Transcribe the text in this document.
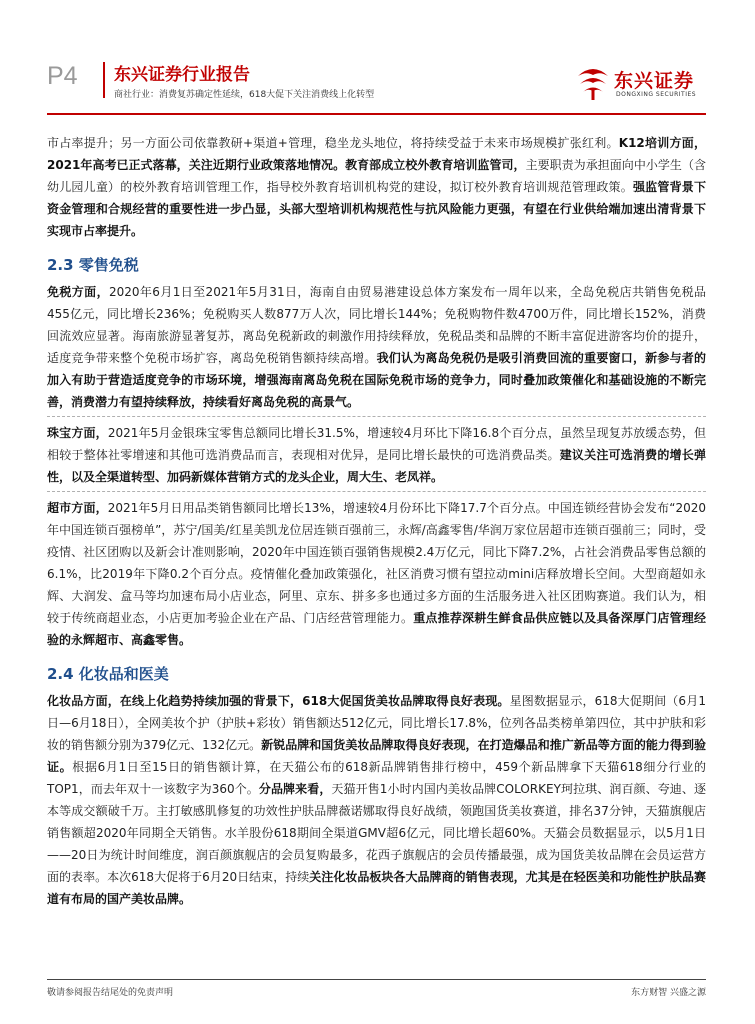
P4 东兴证券行业报告
商社行业：消费复苏确定性延续，618大促下关注消费线上化转型
东兴证券
DONGXING SECURITIES

市占率提升；另一方面公司依靠教研+渠道+管理，稳坐龙头地位，将持续受益于未来市场规模扩张红利。K12培训方面，2021年高考已正式落幕，关注近期行业政策落地情况。教育部成立校外教育培训监管司，主要职责为承担面向中小学生（含幼儿园儿童）的校外教育培训管理工作，指导校外教育培训机构党的建设，拟订校外教育培训规范管理政策。强监管背景下资金管理和合规经营的重要性进一步凸显，头部大型培训机构规范性与抗风险能力更强，有望在行业供给端加速出清背景下实现市占率提升。

2.3 零售免税

免税方面，2020年6月1日至2021年5月31日，海南自由贸易港建设总体方案发布一周年以来，全岛免税店共销售免税品455亿元，同比增长236%；免税购买人数877万人次，同比增长144%；免税购物件数4700万件，同比增长152%，消费回流效应显著。海南旅游显著复苏，离岛免税新政的刺激作用持续释放，免税品类和品牌的不断丰富促进游客均价的提升，适度竞争带来整个免税市场扩容，离岛免税销售额持续高增。我们认为离岛免税仍是吸引消费回流的重要窗口，新参与者的加入有助于营造适度竞争的市场环境，增强海南离岛免税在国际免税市场的竞争力，同时叠加政策催化和基础设施的不断完善，消费潜力有望持续释放，持续看好离岛免税的高景气。

珠宝方面，2021年5月金银珠宝零售总额同比增长31.5%，增速较4月环比下降16.8个百分点，虽然呈现复苏放缓态势，但相较于整体社零增速和其他可选消费品而言，表现相对优异，是同比增长最快的可选消费品类。建议关注可选消费的增长弹性，以及全渠道转型、加码新媒体营销方式的龙头企业，周大生、老凤祥。

超市方面，2021年5月日用品类销售额同比增长13%，增速较4月份环比下降17.7个百分点。中国连锁经营协会发布“2020年中国连锁百强榜单”，苏宁/国美/红星美凯龙位居连锁百强前三，永辉/高鑫零售/华润万家位居超市连锁百强前三；同时，受疫情、社区团购以及新会计准则影响，2020年中国连锁百强销售规模2.4万亿元，同比下降7.2%，占社会消费品零售总额的6.1%，比2019年下降0.2个百分点。疫情催化叠加政策强化，社区消费习惯有望拉动mini店释放增长空间。大型商超如永辉、大润发、盒马等均加速布局小店业态，阿里、京东、拼多多也通过多方面的生活服务进入社区团购赛道。我们认为，相较于传统商超业态，小店更加考验企业在产品、门店经营管理能力。重点推荐深耕生鲜食品供应链以及具备深厚门店管理经验的永辉超市、高鑫零售。

2.4 化妆品和医美

化妆品方面，在线上化趋势持续加强的背景下，618大促国货美妆品牌取得良好表现。星图数据显示，618大促期间（6月1日—6月18日），全网美妆个护（护肤+彩妆）销售额达512亿元，同比增长17.8%，位列各品类榜单第四位，其中护肤和彩妆的销售额分别为379亿元、132亿元。新锐品牌和国货美妆品牌取得良好表现，在打造爆品和推广新品等方面的能力得到验证。根据6月1日至15日的销售额计算，在天猫公布的618新品牌销售排行榜中，459个新品牌拿下天猫618细分行业的TOP1，而去年双十一该数字为360个。分品牌来看，天猫开售1小时内国内美妆品牌COLORKEY珂拉琪、润百颜、夸迪、逐本等成交额破千万。主打敏感肌修复的功效性护肤品牌薇诺娜取得良好战绩，领跑国货美妆赛道，排名37分钟，天猫旗舰店销售额超2020年同期全天销售。水羊股份618期间全渠道GMV超6亿元，同比增长超60%。天猫会员数据显示，以5月1日——20日为统计时间维度，润百颜旗舰店的会员复购最多，花西子旗舰店的会员传播最强，成为国货美妆品牌在会员运营方面的表率。本次618大促将于6月20日结束，持续关注化妆品板块各大品牌商的销售表现，尤其是在轻医美和功能性护肤品赛道有布局的国产美妆品牌。

敬请参阅报告结尾处的免责声明	东方财智 兴盛之源
